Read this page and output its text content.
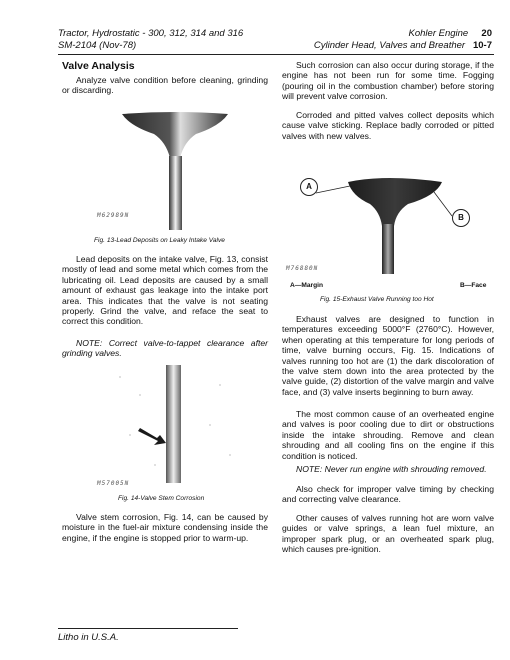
Tractor, Hydrostatic - 300, 312, 314 and 316
SM-2104 (Nov-78)
Kohler Engine 20
Cylinder Head, Valves and Breather 10-7
Valve Analysis
Analyze valve condition before cleaning, grinding or discarding.
M62989N
Fig. 13-Lead Deposits on Leaky Intake Valve
Lead deposits on the intake valve, Fig. 13, consist mostly of lead and some metal which comes from the lubricating oil. Lead deposits are caused by a small amount of exhaust gas leakage into the intake port area. This indicates that the valve is not seating properly. Grind the valve, and reface the seat to correct this condition.
NOTE: Correct valve-to-tappet clearance after grinding valves.
M57005N
Fig. 14-Valve Stem Corrosion
Valve stem corrosion, Fig. 14, can be caused by moisture in the fuel-air mixture condensing inside the engine, if the engine is stopped prior to warm-up.
Such corrosion can also occur during storage, if the engine has not been run for some time. Fogging (pouring oil in the combustion chamber) before storing will prevent valve corrosion.
Corroded and pitted valves collect deposits which cause valve sticking. Replace badly corroded or pitted valves with new valves.
A
B
M76880N
A—Margin	B—Face
Fig. 15-Exhaust Valve Running too Hot
Exhaust valves are designed to function in temperatures exceeding 5000°F (2760°C). However, when operating at this temperature for long periods of time, valve burning occurs, Fig. 15. Indications of valves running too hot are (1) the dark discoloration of the valve stem down into the area protected by the valve guide, (2) distortion of the valve margin and valve face, and (3) valve inserts beginning to burn away.
The most common cause of an overheated engine and valves is poor cooling due to dirt or obstructions inside the intake shrouding. Remove and clean shrouding and all cooling fins on the engine if this condition is noticed.
NOTE: Never run engine with shrouding removed.
Also check for improper valve timing by checking and correcting valve clearance.
Other causes of valves running hot are worn valve guides or valve springs, a lean fuel mixture, an improper spark plug, or an overheated spark plug, which causes pre-ignition.
Litho in U.S.A.
